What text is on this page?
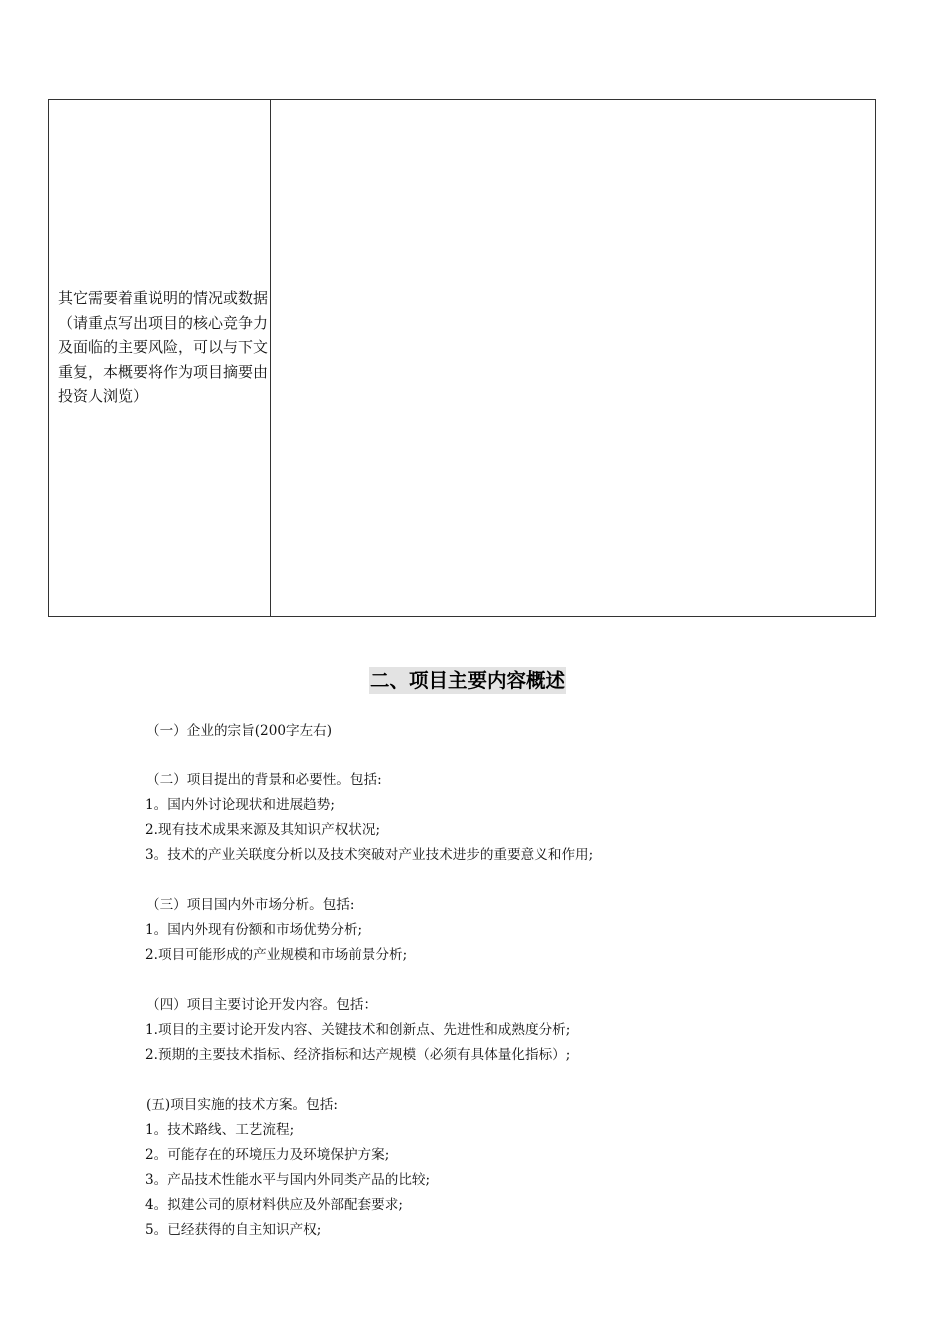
其它需要着重说明的情况或数据（请重点写出项目的核心竞争力及面临的主要风险，可以与下文重复，本概要将作为项目摘要由投资人浏览）
二、项目主要内容概述
（一）企业的宗旨(200字左右)
（二）项目提出的背景和必要性。包括:
1。国内外讨论现状和进展趋势;
2.现有技术成果来源及其知识产权状况;
3。技术的产业关联度分析以及技术突破对产业技术进步的重要意义和作用;
（三）项目国内外市场分析。包括:
1。国内外现有份额和市场优势分析;
2.项目可能形成的产业规模和市场前景分析;
（四）项目主要讨论开发内容。包括：
1.项目的主要讨论开发内容、关键技术和创新点、先进性和成熟度分析;
2.预期的主要技术指标、经济指标和达产规模（必须有具体量化指标）;
(五)项目实施的技术方案。包括:
1。技术路线、工艺流程;
2。可能存在的环境压力及环境保护方案;
3。产品技术性能水平与国内外同类产品的比较;
4。拟建公司的原材料供应及外部配套要求;
5。已经获得的自主知识产权;
